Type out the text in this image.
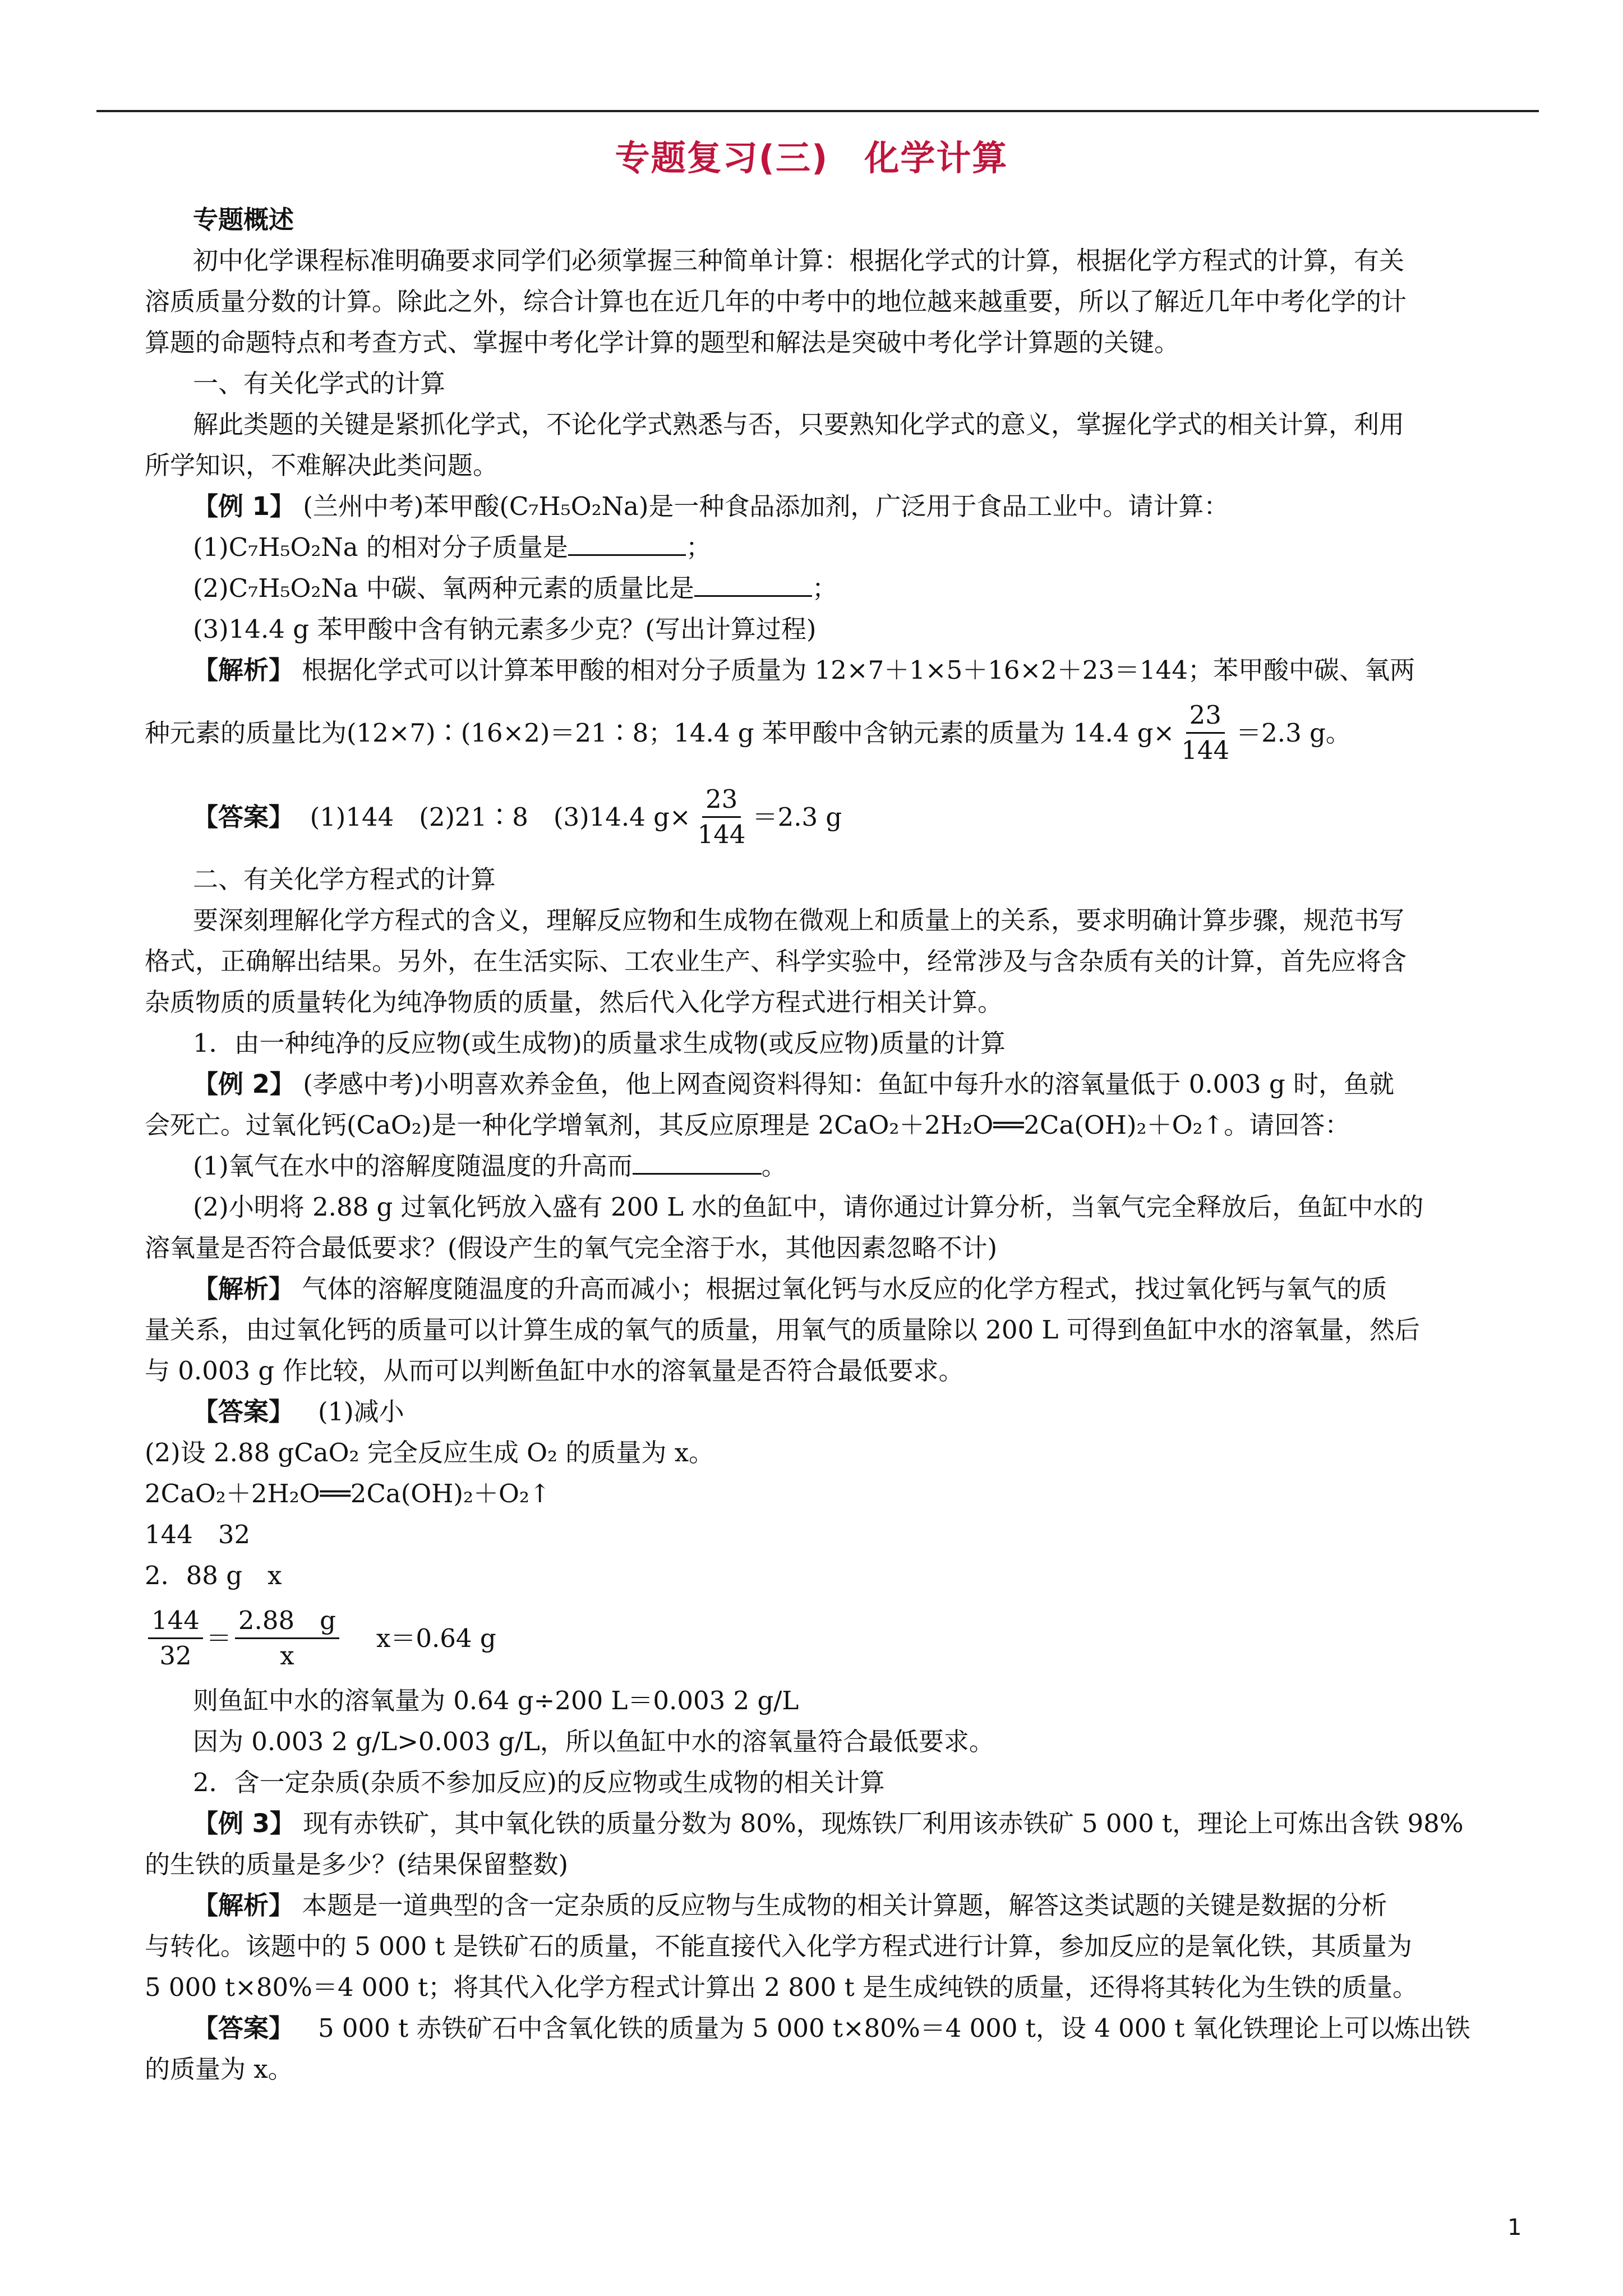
专题复习(三)　化学计算
专题概述
初中化学课程标准明确要求同学们必须掌握三种简单计算：根据化学式的计算，根据化学方程式的计算，有关
溶质质量分数的计算。除此之外，综合计算也在近几年的中考中的地位越来越重要，所以了解近几年中考化学的计
算题的命题特点和考查方式、掌握中考化学计算的题型和解法是突破中考化学计算题的关键。
一、有关化学式的计算
解此类题的关键是紧抓化学式，不论化学式熟悉与否，只要熟知化学式的意义，掌握化学式的相关计算，利用
所学知识，不难解决此类问题。
【例 1】 (兰州中考)苯甲酸(C₇H₅O₂Na)是一种食品添加剂，广泛用于食品工业中。请计算：
(1)C₇H₅O₂Na 的相对分子质量是	；
(2)C₇H₅O₂Na 中碳、氧两种元素的质量比是	；
(3)14.4 g 苯甲酸中含有钠元素多少克？(写出计算过程)
【解析】 根据化学式可以计算苯甲酸的相对分子质量为 12×7＋1×5＋16×2＋23＝144；苯甲酸中碳、氧两
种元素的质量比为(12×7)∶(16×2)＝21∶8；14.4 g 苯甲酸中含钠元素的质量为 14.4 $g\times \frac{23}{144} =2.3$ g。
【答案】
(1)144　(2)21∶8　(3)14.4 $g\times \frac{23}{144} =2.3$ g
二、有关化学方程式的计算
要深刻理解化学方程式的含义，理解反应物和生成物在微观上和质量上的关系，要求明确计算步骤，规范书写
格式，正确解出结果。另外，在生活实际、工农业生产、科学实验中，经常涉及与含杂质有关的计算，首先应将含
杂质物质的质量转化为纯净物质的质量，然后代入化学方程式进行相关计算。
1．由一种纯净的反应物(或生成物)的质量求生成物(或反应物)质量的计算
【例 2】 (孝感中考)小明喜欢养金鱼，他上网查阅资料得知：鱼缸中每升水的溶氧量低于 0.003 g 时，鱼就
会死亡。过氧化钙(CaO₂)是一种化学增氧剂，其反应原理是 2CaO₂＋2H₂O══2Ca(OH)₂＋O₂↑。请回答：
(1)氧气在水中的溶解度随温度的升高而	。
(2)小明将 2.88 g 过氧化钙放入盛有 200 L 水的鱼缸中，请你通过计算分析，当氧气完全释放后，鱼缸中水的
溶氧量是否符合最低要求？(假设产生的氧气完全溶于水，其他因素忽略不计)
【解析】 气体的溶解度随温度的升高而减小；根据过氧化钙与水反应的化学方程式，找过氧化钙与氧气的质
量关系，由过氧化钙的质量可以计算生成的氧气的质量，用氧气的质量除以 200 L 可得到鱼缸中水的溶氧量，然后
与 0.003 g 作比较，从而可以判断鱼缸中水的溶氧量是否符合最低要求。
【答案】 (1)减小
(2)设 2.88 gCaO₂ 完全反应生成 O₂ 的质量为 x。
2CaO₂＋2H₂O══2Ca(OH)₂＋O₂↑
144　32
2．88 g　x
$\frac{144}{32} = \frac{2.88 g}{x} x=0.64$ g
则鱼缸中水的溶氧量为 0.64 g÷200 L＝0.003 2 g/L
因为 0.003 2 g/L>0.003 g/L，所以鱼缸中水的溶氧量符合最低要求。
2．含一定杂质(杂质不参加反应)的反应物或生成物的相关计算
【例 3】 现有赤铁矿，其中氧化铁的质量分数为 80%，现炼铁厂利用该赤铁矿 5 000 t，理论上可炼出含铁 98%
的生铁的质量是多少？(结果保留整数)
【解析】 本题是一道典型的含一定杂质的反应物与生成物的相关计算题，解答这类试题的关键是数据的分析
与转化。该题中的 5 000 t 是铁矿石的质量，不能直接代入化学方程式进行计算，参加反应的是氧化铁，其质量为
5 000 t×80%＝4 000 t；将其代入化学方程式计算出 2 800 t 是生成纯铁的质量，还得将其转化为生铁的质量。
【答案】 5 000 t 赤铁矿石中含氧化铁的质量为 5 000 t×80%＝4 000 t，设 4 000 t 氧化铁理论上可以炼出铁
的质量为 x。
1
